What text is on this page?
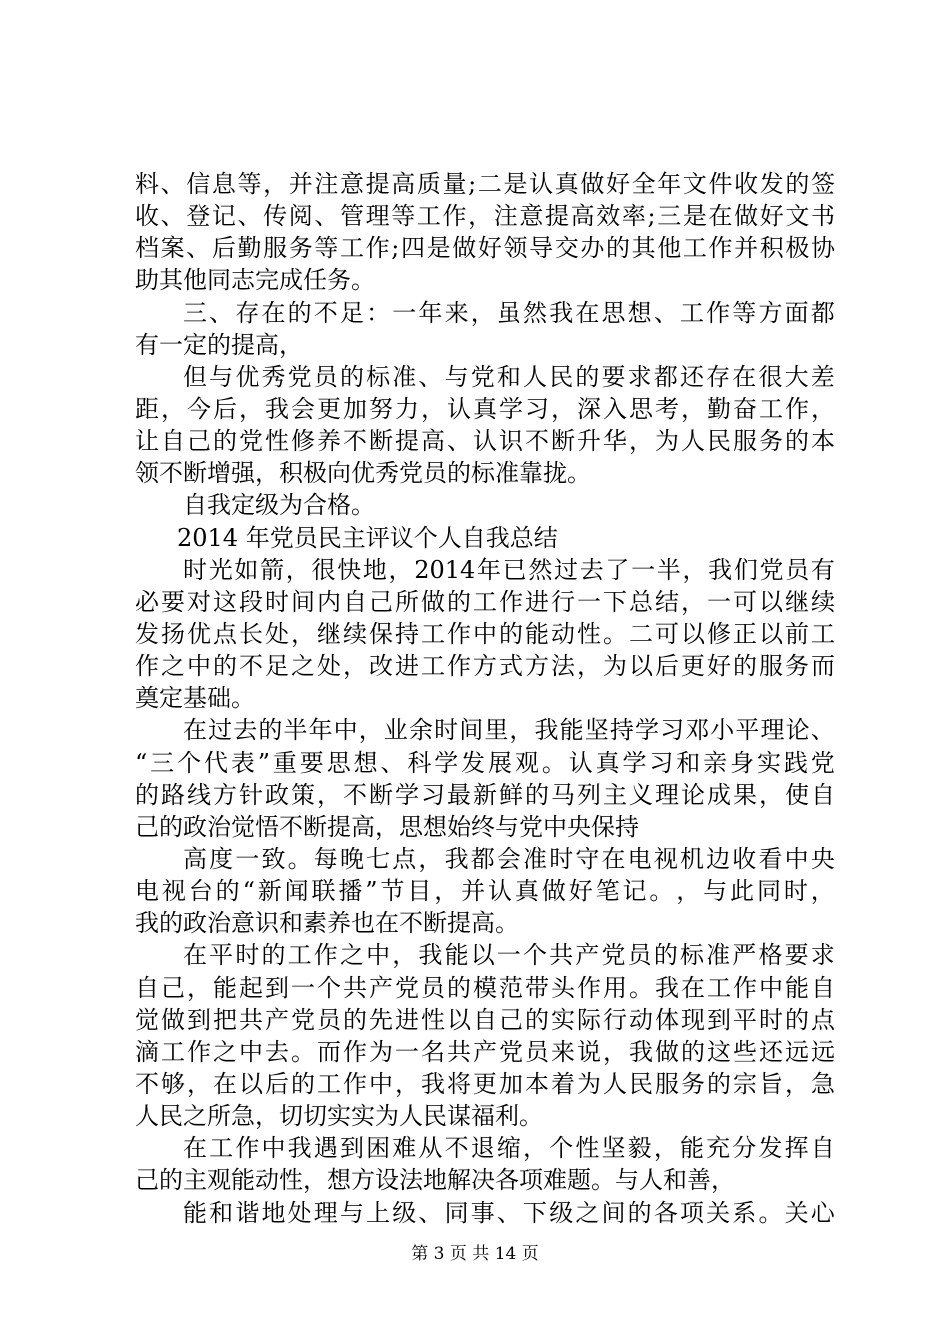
料 、 信 息 等 ， 并 注 意 提 高 质 量 ; 二 是 认 真 做 好 全 年 文 件 收 发 的 签
收 、 登 记 、 传 阅 、 管 理 等 工 作 ， 注 意 提 高 效 率 ; 三 是 在 做 好 文 书
档 案 、 后 勤 服 务 等 工 作 ; 四 是 做 好 领 导 交 办 的 其 他 工 作 并 积 极 协
助其他同志完成任务。
三 、 存 在 的 不 足 ： 一 年 来 ， 虽 然 我 在 思 想 、 工 作 等 方 面 都
有一定的提高，
但 与 优 秀 党 员 的 标 准 、 与 党 和 人 民 的 要 求 都 还 存 在 很 大 差
距 ， 今 后 ， 我 会 更 加 努 力 ， 认 真 学 习 ， 深 入 思 考 ， 勤 奋 工 作 ，
让 自 己 的 党 性 修 养 不 断 提 高 、 认 识 不 断 升 华 ， 为 人 民 服 务 的 本
领不断增强，积极向优秀党员的标准靠拢。
自我定级为合格。
2014 年党员民主评议个人自我总结
时 光 如 箭 ， 很 快 地 ， 2014 年 已 然 过 去 了 一 半 ， 我 们 党 员 有
必 要 对 这 段 时 间 内 自 己 所 做 的 工 作 进 行 一 下 总 结 ， 一 可 以 继 续
发 扬 优 点 长 处 ， 继 续 保 持 工 作 中 的 能 动 性 。 二 可 以 修 正 以 前 工
作 之 中 的 不 足 之 处 ， 改 进 工 作 方 式 方 法 ， 为 以 后 更 好 的 服 务 而
奠定基础。
在 过 去 的 半 年 中 ， 业 余 时 间 里 ， 我 能 坚 持 学 习 邓 小 平 理 论 、
“ 三 个 代 表 ” 重 要 思 想 、 科 学 发 展 观 。 认 真 学 习 和 亲 身 实 践 党
的 路 线 方 针 政 策 ， 不 断 学 习 最 新 鲜 的 马 列 主 义 理 论 成 果 ， 使 自
己的政治觉悟不断提高，思想始终与党中央保持
高 度 一 致 。 每 晚 七 点 ， 我 都 会 准 时 守 在 电 视 机 边 收 看 中 央
电 视 台 的 “ 新 闻 联 播 ” 节 目 ， 并 认 真 做 好 笔 记 。 ， 与 此 同 时 ，
我的政治意识和素养也在不断提高。
在 平 时 的 工 作 之 中 ， 我 能 以 一 个 共 产 党 员 的 标 准 严 格 要 求
自 己 ， 能 起 到 一 个 共 产 党 员 的 模 范 带 头 作 用 。 我 在 工 作 中 能 自
觉 做 到 把 共 产 党 员 的 先 进 性 以 自 己 的 实 际 行 动 体 现 到 平 时 的 点
滴 工 作 之 中 去 。 而 作 为 一 名 共 产 党 员 来 说 ， 我 做 的 这 些 还 远 远
不 够 ， 在 以 后 的 工 作 中 ， 我 将 更 加 本 着 为 人 民 服 务 的 宗 旨 ， 急
人民之所急，切切实实为人民谋福利。
在 工 作 中 我 遇 到 困 难 从 不 退 缩 ， 个 性 坚 毅 ， 能 充 分 发 挥 自
己的主观能动性，想方设法地解决各项难题。与人和善，
能 和 谐 地 处 理 与 上 级 、 同 事 、 下 级 之 间 的 各 项 关 系 。 关 心
第 3 页 共 14 页
